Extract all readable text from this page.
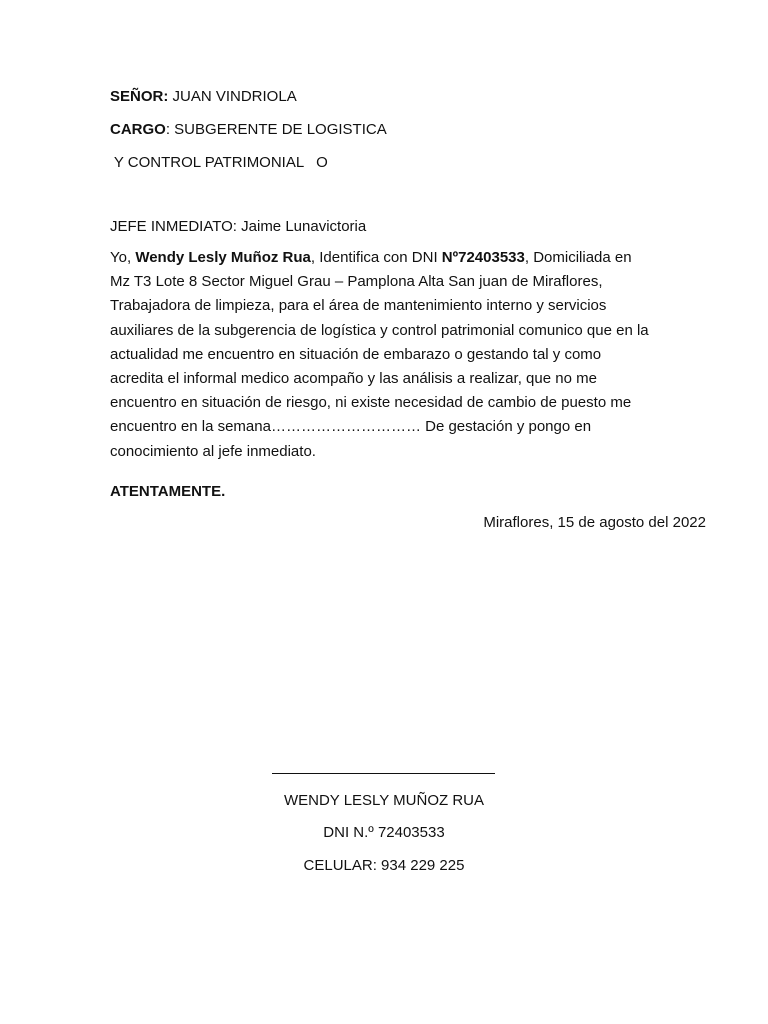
SEÑOR: JUAN VINDRIOLA
CARGO: SUBGERENTE DE LOGISTICA
Y CONTROL PATRIMONIAL   O
JEFE INMEDIATO: Jaime Lunavictoria
Yo, Wendy Lesly Muñoz Rua, Identifica con DNI Nº72403533, Domiciliada en Mz T3 Lote 8 Sector Miguel Grau – Pamplona Alta San juan de Miraflores, Trabajadora de limpieza, para el área de mantenimiento interno y servicios auxiliares de la subgerencia de logística y control patrimonial comunico que en la actualidad me encuentro en situación de embarazo o gestando tal y como acredita el informal medico acompaño y las análisis a realizar, que no me encuentro en situación de riesgo, ni existe necesidad de cambio de puesto me encuentro en la semana………………………… De gestación y pongo en conocimiento al jefe inmediato.
ATENTAMENTE.
Miraflores, 15 de agosto del 2022
WENDY LESLY MUÑOZ RUA
DNI N.º 72403533
CELULAR: 934 229 225
